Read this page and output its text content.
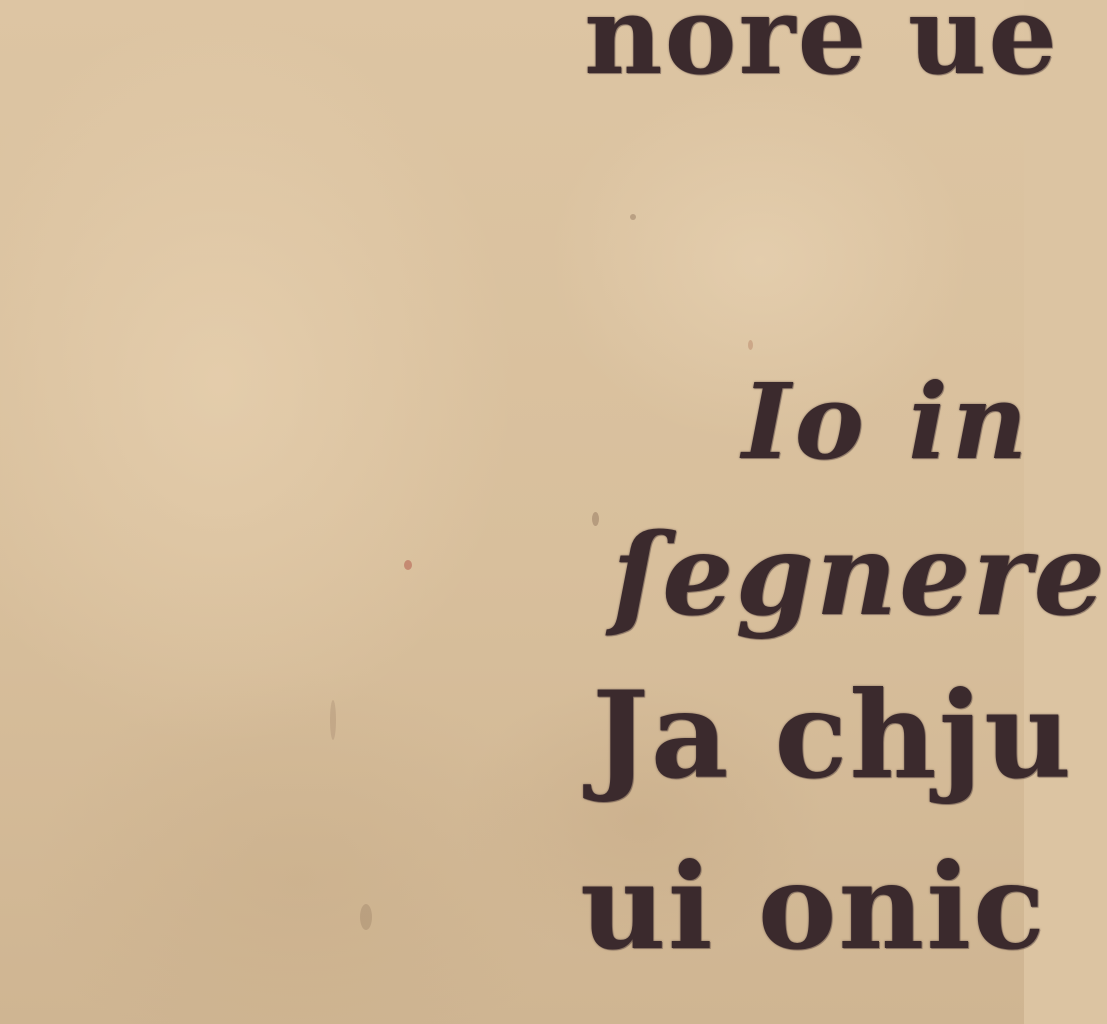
nore ue
Io in
ſegnere
Ja chju
ui onic
